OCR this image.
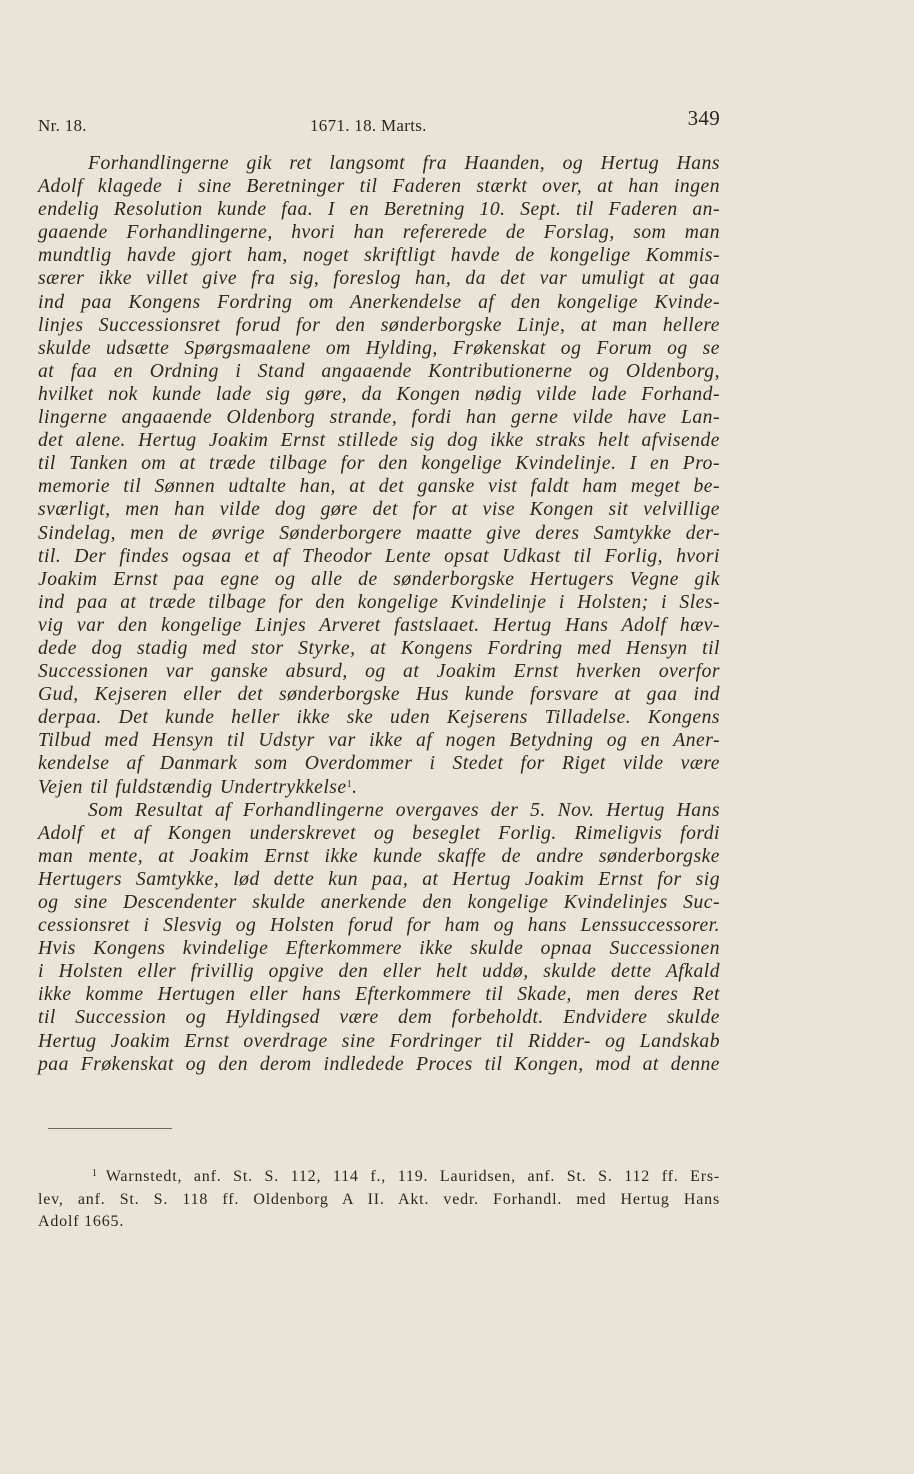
Nr. 18.	1671. 18. Marts.	349
Forhandlingerne gik ret langsomt fra Haanden, og Hertug Hans
Adolf klagede i sine Beretninger til Faderen stærkt over, at han ingen
endelig Resolution kunde faa. I en Beretning 10. Sept. til Faderen an-
gaaende Forhandlingerne, hvori han refererede de Forslag, som man
mundtlig havde gjort ham, noget skriftligt havde de kongelige Kommis-
særer ikke villet give fra sig, foreslog han, da det var umuligt at gaa
ind paa Kongens Fordring om Anerkendelse af den kongelige Kvinde-
linjes Successionsret forud for den sønderborgske Linje, at man hellere
skulde udsætte Spørgsmaalene om Hylding, Frøkenskat og Forum og se
at faa en Ordning i Stand angaaende Kontributionerne og Oldenborg,
hvilket nok kunde lade sig gøre, da Kongen nødig vilde lade Forhand-
lingerne angaaende Oldenborg strande, fordi han gerne vilde have Lan-
det alene. Hertug Joakim Ernst stillede sig dog ikke straks helt afvisende
til Tanken om at træde tilbage for den kongelige Kvindelinje. I en Pro-
memorie til Sønnen udtalte han, at det ganske vist faldt ham meget be-
sværligt, men han vilde dog gøre det for at vise Kongen sit velvillige
Sindelag, men de øvrige Sønderborgere maatte give deres Samtykke der-
til. Der findes ogsaa et af Theodor Lente opsat Udkast til Forlig, hvori
Joakim Ernst paa egne og alle de sønderborgske Hertugers Vegne gik
ind paa at træde tilbage for den kongelige Kvindelinje i Holsten; i Sles-
vig var den kongelige Linjes Arveret fastslaaet. Hertug Hans Adolf hæv-
dede dog stadig med stor Styrke, at Kongens Fordring med Hensyn til
Successionen var ganske absurd, og at Joakim Ernst hverken overfor
Gud, Kejseren eller det sønderborgske Hus kunde forsvare at gaa ind
derpaa. Det kunde heller ikke ske uden Kejserens Tilladelse. Kongens
Tilbud med Hensyn til Udstyr var ikke af nogen Betydning og en Aner-
kendelse af Danmark som Overdommer i Stedet for Riget vilde være
Vejen til fuldstændig Undertrykkelse$^1$.
Som Resultat af Forhandlingerne overgaves der 5. Nov. Hertug Hans
Adolf et af Kongen underskrevet og beseglet Forlig. Rimeligvis fordi
man mente, at Joakim Ernst ikke kunde skaffe de andre sønderborgske
Hertugers Samtykke, lød dette kun paa, at Hertug Joakim Ernst for sig
og sine Descendenter skulde anerkende den kongelige Kvindelinjes Suc-
cessionsret i Slesvig og Holsten forud for ham og hans Lenssuccessorer.
Hvis Kongens kvindelige Efterkommere ikke skulde opnaa Successionen
i Holsten eller frivillig opgive den eller helt uddø, skulde dette Afkald
ikke komme Hertugen eller hans Efterkommere til Skade, men deres Ret
til Succession og Hyldingsed være dem forbeholdt. Endvidere skulde
Hertug Joakim Ernst overdrage sine Fordringer til Ridder- og Landskab
paa Frøkenskat og den derom indledede Proces til Kongen, mod at denne
$^1$ Warnstedt, anf. St. S. 112, 114 f., 119. Lauridsen, anf. St. S. 112 ff. Ers-
lev, anf. St. S. 118 ff. Oldenborg A II. Akt. vedr. Forhandl. med Hertug Hans
Adolf 1665.
